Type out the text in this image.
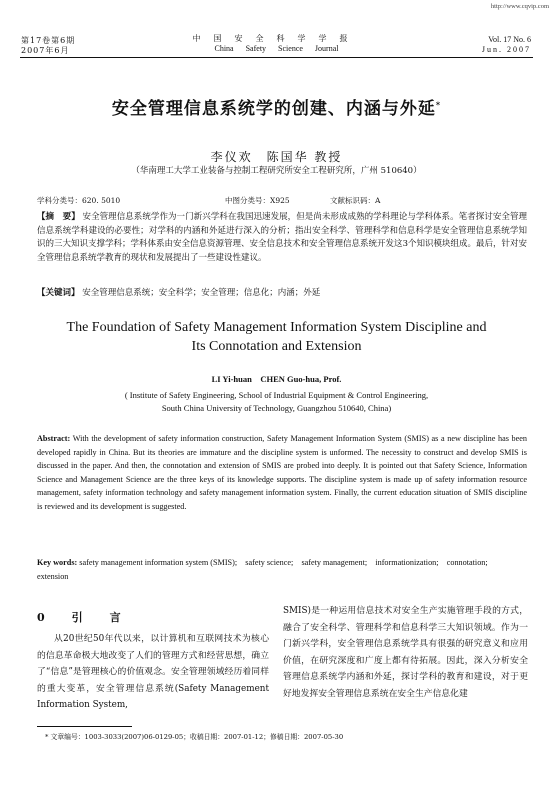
第17卷第6期
2007年6月
中国安全科学学报
China Safety Science Journal
Vol. 17 No. 6
Jun. 2007
http://www.cqvip.com
安全管理信息系统学的创建、内涵与外延*
李仪欢　陈国华 教授
（华南理工大学工业装备与控制工程研究所安全工程研究所，广州 510640）
学科分类号：620. 5010	中图分类号：X925	文献标识码：A
【摘　要】 安全管理信息系统学作为一门新兴学科在我国迅速发展，但是尚未形成成熟的学科理论与学科体系。笔者探讨安全管理信息系统学科建设的必要性；对学科的内涵和外延进行深入的分析；指出安全科学、管理科学和信息科学是安全管理信息系统学知识的三大知识支撑学科；学科体系由安全信息资源管理、安全信息技术和安全管理信息系统开发这3个知识模块组成。最后，针对安全管理信息系统学教育的现状和发展提出了一些建设性建议。
【关键词】 安全管理信息系统；安全科学；安全管理；信息化；内涵；外延
The Foundation of Safety Management Information System Discipline and
Its Connotation and Extension
LI Yi-huan　CHEN Guo-hua, Prof.
( Institute of Safety Engineering, School of Industrial Equipment & Control Engineering,
South China University of Technology, Guangzhou 510640, China)
Abstract: With the development of safety information construction, Safety Management Information System (SMIS) as a new discipline has been developed rapidly in China. But its theories are immature and the discipline system is unformed. The necessity to construct and develop SMIS is discussed in the paper. And then, the connotation and extension of SMIS are probed into deeply. It is pointed out that Safety Science, Information Science and Management Science are the three keys of its knowledge supports. The discipline system is made up of safety information resource management, safety information technology and safety management information system. Finally, the current education situation of SMIS discipline is reviewed and its development is suggested.
Key words: safety management information system (SMIS);　safety science;　safety management;　informationization;　connotation;　extension
0　引　言
从20世纪50年代以来，以计算机和互联网技术为核心的信息革命极大地改变了人们的管理方式和经营思想，确立了“信息”是管理核心的价值观念。安全管理领域经历着同样的重大变革，安全管理信息系统(Safety Management Information System,
SMIS)是一种运用信息技术对安全生产实施管理手段的方式，融合了安全科学、管理科学和信息科学三大知识领域。作为一门新兴学科，安全管理信息系统学具有很强的研究意义和应用价值，在研究深度和广度上都有待拓展。因此，深入分析安全管理信息系统学内涵和外延，探讨学科的教育和建设，对于更好地发挥安全管理信息系统在安全生产信息化建
* 文章编号：1003-3033(2007)06-0129-05；收稿日期：2007-01-12；修稿日期：2007-05-30
